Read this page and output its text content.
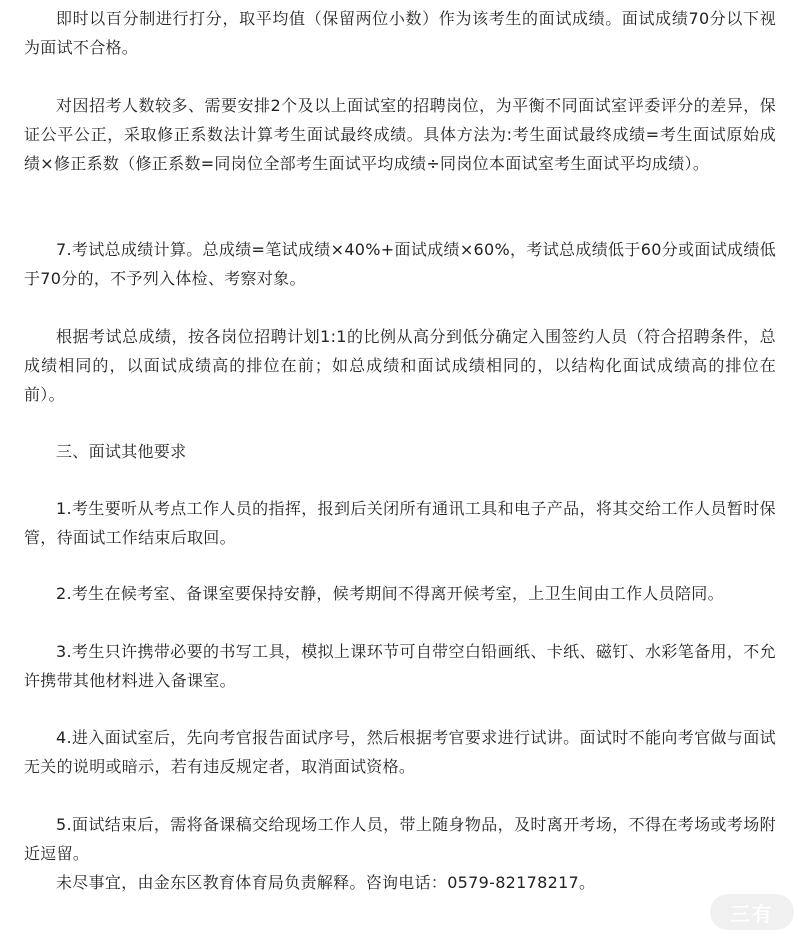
即时以百分制进行打分，取平均值（保留两位小数）作为该考生的面试成绩。面试成绩70分以下视为面试不合格。

对因招考人数较多、需要安排2个及以上面试室的招聘岗位，为平衡不同面试室评委评分的差异，保证公平公正，采取修正系数法计算考生面试最终成绩。具体方法为:考生面试最终成绩=考生面试原始成绩×修正系数（修正系数=同岗位全部考生面试平均成绩÷同岗位本面试室考生面试平均成绩）。

7.考试总成绩计算。总成绩=笔试成绩×40%+面试成绩×60%，考试总成绩低于60分或面试成绩低于70分的，不予列入体检、考察对象。

根据考试总成绩，按各岗位招聘计划1:1的比例从高分到低分确定入围签约人员（符合招聘条件，总成绩相同的，以面试成绩高的排位在前；如总成绩和面试成绩相同的，以结构化面试成绩高的排位在前）。

三、面试其他要求

1.考生要听从考点工作人员的指挥，报到后关闭所有通讯工具和电子产品，将其交给工作人员暂时保管，待面试工作结束后取回。

2.考生在候考室、备课室要保持安静，候考期间不得离开候考室，上卫生间由工作人员陪同。

3.考生只许携带必要的书写工具，模拟上课环节可自带空白铅画纸、卡纸、磁钉、水彩笔备用，不允许携带其他材料进入备课室。

4.进入面试室后，先向考官报告面试序号，然后根据考官要求进行试讲。面试时不能向考官做与面试无关的说明或暗示，若有违反规定者，取消面试资格。

5.面试结束后，需将备课稿交给现场工作人员，带上随身物品，及时离开考场，不得在考场或考场附近逗留。

未尽事宜，由金东区教育体育局负责解释。咨询电话：0579-82178217。

三有
